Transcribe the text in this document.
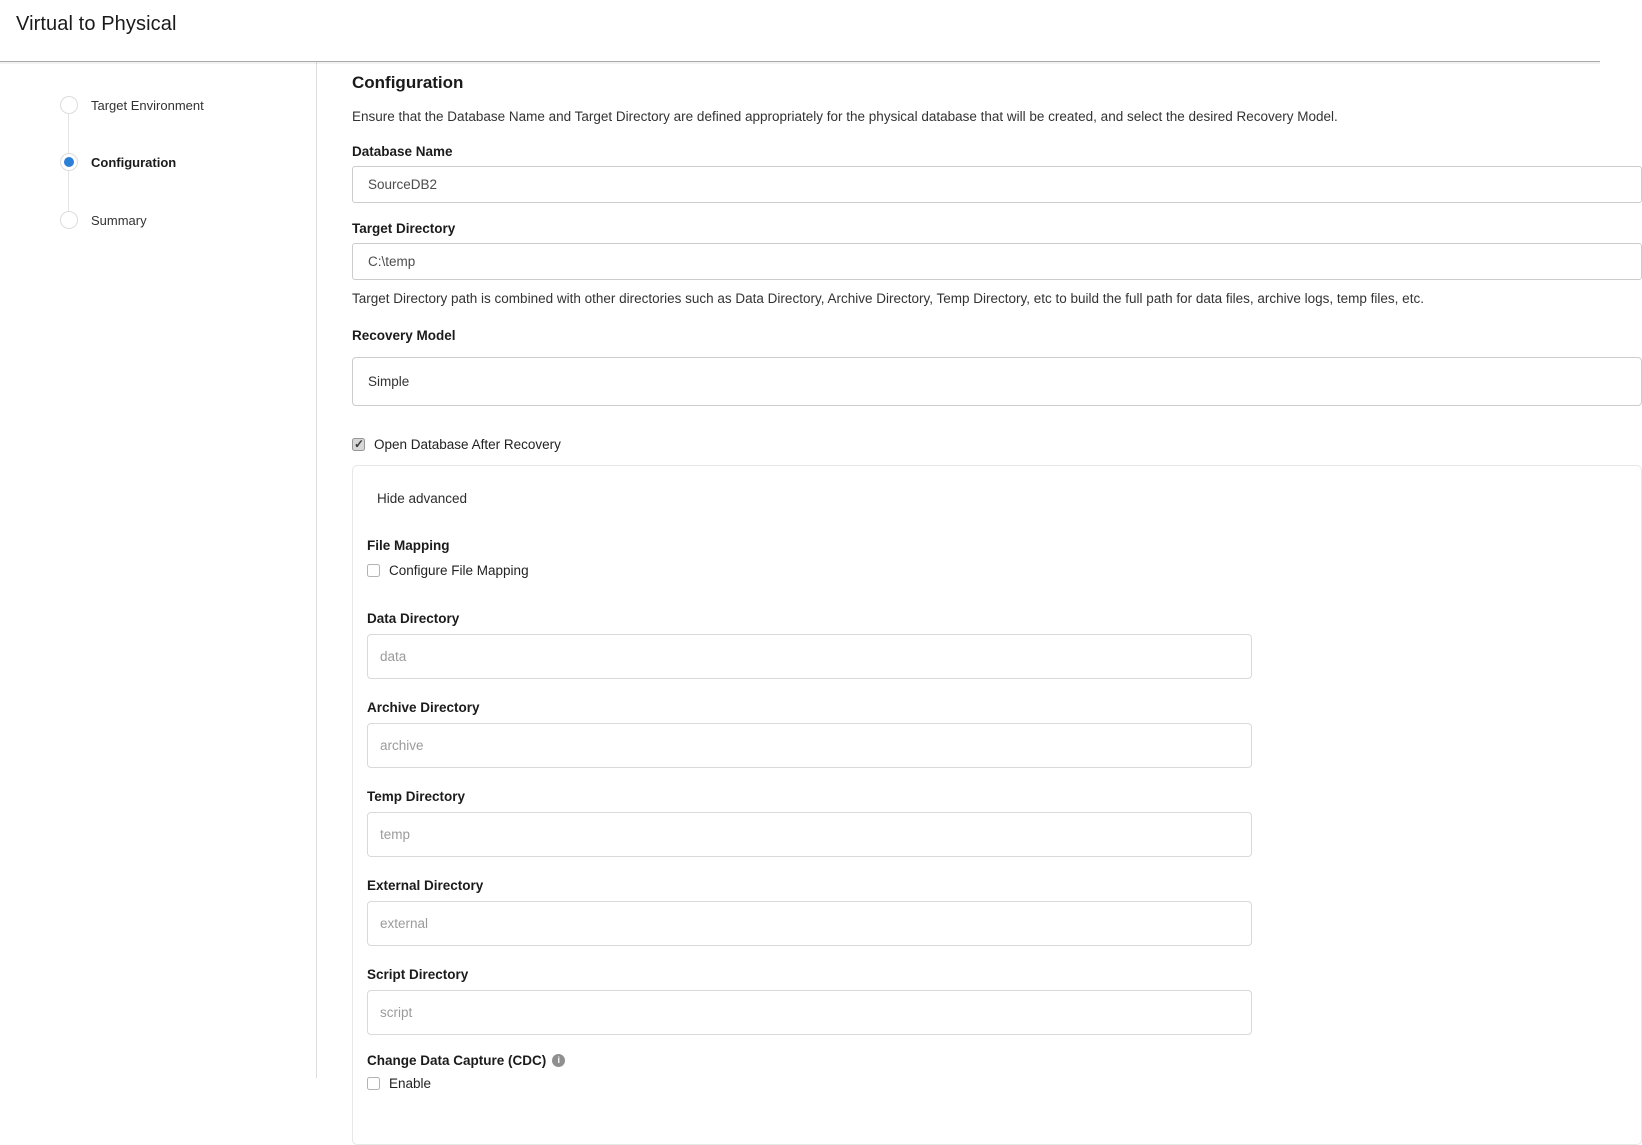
Virtual to Physical
Target Environment
Configuration
Summary
Configuration

Ensure that the Database Name and Target Directory are defined appropriately for the physical database that will be created, and select the desired Recovery Model.

Database Name
SourceDB2
Target Directory
C:\temp

Target Directory path is combined with other directories such as Data Directory, Archive Directory, Temp Directory, etc to build the full path for data files, archive logs, temp files, etc.

Recovery Model
Simple
✓
Open Database After Recovery
Hide advanced
File Mapping
Configure File Mapping
Data Directory
data
Archive Directory
archive
Temp Directory
temp
External Directory
external
Script Directory
script
Change Data Capture (CDC)
i
Enable
